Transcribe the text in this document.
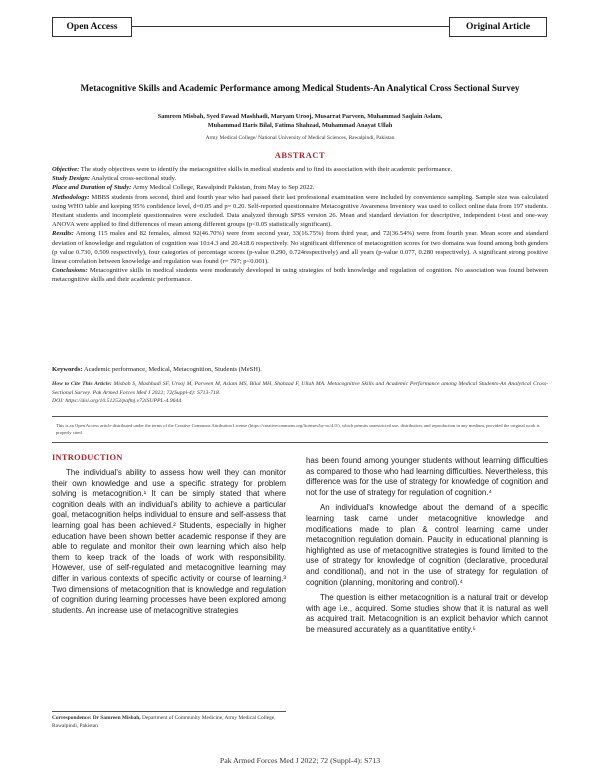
Open Access	Original Article
Metacognitive Skills and Academic Performance among Medical Students-An Analytical Cross Sectional Survey
Samreen Misbah, Syed Fawad Mashhadi, Maryam Urooj, Musarrat Parveen, Muhammad Saqlain Aslam,
Muhammad Haris Bilal, Fatima Shahzad, Muhammad Anayat Ullah
Army Medical College/ National University of Medical Sciences, Rawalpindi, Pakistan
ABSTRACT

Objective: The study objectives were to identify the metacognitive skills in medical students and to find its association with their academic performance.

Study Design: Analytical cross-sectional study.

Place and Duration of Study: Army Medical College, Rawalpindi Pakistan, from May to Sep 2022.

Methodology: MBBS students from second, third and fourth year who had passed their last professional examination were included by convenience sampling. Sample size was calculated using WHO table and keeping 95% confidence level, d=0.05 and p= 0.20. Self-reported questionnaire Metacognitive Awareness Inventory was used to collect online data from 197 students. Hesitant students and incomplete questionnaires were excluded. Data analyzed through SPSS version 26. Mean and standard deviation for descriptive, independent t-test and one-way ANOVA were applied to find differences of mean among different groups (p<0.05 statistically significant).

Results: Among 115 males and 82 females, almost 92(46.70%) were from second year, 33(16.75%) from third year, and 72(36.54%) were from fourth year. Mean score and standard deviation of knowledge and regulation of cognition was 10±4.3 and 20.4±8.6 respectively. No significant difference of metacognition scores for two domains was found among both genders (p value 0.730, 0.509 respectively), four categories of percentage scores (p-value 0.290, 0.724respectively) and all years (p-value 0.077, 0.280 respectively). A significant strong positive linear correlation between knowledge and regulation was found (r= 797; p<0.001).

Conclusions: Metacognitive skills in medical students were moderately developed in using strategies of both knowledge and regulation of cognition. No association was found between metacognitive skills and their academic performance.

Keywords: Academic performance, Medical, Metacognition, Students (MeSH).
How to Cite This Article: Misbah S, Mashhadi SF, Urooj M, Parveen M, Aslam MS, Bilal MH, Shahzad F, Ullah MA. Metacognitive Skills and Academic Performance among Medical Students-An Analytical Cross-Sectional Survey. Pak Armed Forces Med J 2022; 72(Suppl-4): S713-718.
DOI: https://doi.org/10.51253/pafmj.v72iSUPPL-4.9644
This is an Open Access article distributed under the terms of the Creative Commons Attribution License (https://creativecommons.org/licenses/by-nc/4.0/), which permits unrestricted use, distribution, and reproduction in any medium, provided the original work is properly cited.
INTRODUCTION

The individual's ability to assess how well they can monitor their own knowledge and use a specific strategy for problem solving is metacognition.¹ It can be simply stated that where cognition deals with an individual's ability to achieve a particular goal, metacognition helps individual to ensure and self-assess that learning goal has been achieved.² Students, especially in higher education have been shown better academic response if they are able to regulate and monitor their own learning which also help them to keep track of the loads of work with responsibility. However, use of self-regulated and metacognitive learning may differ in various contexts of specific activity or course of learning.³ Two dimensions of metacognition that is knowledge and regulation of cognition during learning processes have been explored among students. An increase use of metacognitive strategies

has been found among younger students without learning difficulties as compared to those who had learning difficulties. Nevertheless, this difference was for the use of strategy for knowledge of cognition and not for the use of strategy for regulation of cognition.⁴

An individual's knowledge about the demand of a specific learning task came under metacognitive knowledge and modifications made to plan & control learning came under metacognition regulation domain. Paucity in educational planning is highlighted as use of metacognitive strategies is found limited to the use of strategy for knowledge of cognition (declarative, procedural and conditional), and not in the use of strategy for regulation of cognition (planning, monitoring and control).⁴

The question is either metacognition is a natural trait or develop with age i.e., acquired. Some studies show that it is natural as well as acquired trait. Metacognition is an explicit behavior which cannot be measured accurately as a quantitative entity.⁵

Correspondence: Dr Samreen Misbah, Department of Community Medicine, Army Medical College, Rawalpindi, Pakistan
Pak Armed Forces Med J 2022; 72 (Suppl-4): S713
